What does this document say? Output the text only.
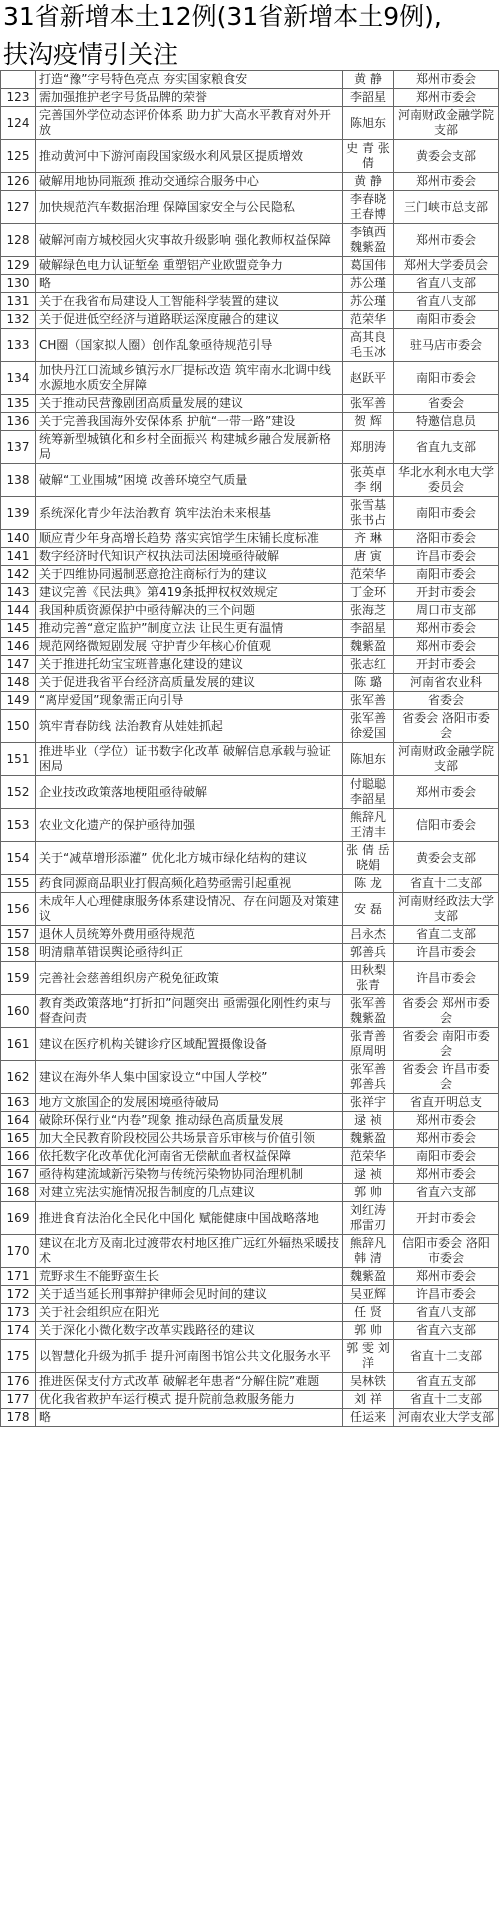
31省新增本土12例(31省新增本土9例),
扶沟疫情引关注
	打造“豫”字号特色亮点 夯实国家粮食安	黄 静	郑州市委会
123	需加强推护老字号货品牌的荣誉	李韶星	郑州市委会
124	完善国外学位动态评价体系 助力扩大高水平教育对外开放	陈旭东	河南财政金融学院支部
125	推动黄河中下游河南段国家级水利风景区提质增效	史 青 张 倩	黄委会支部
126	破解用地协同瓶颈 推动交通综合服务中心	黄 静	郑州市委会
127	加快规范汽车数据治理 保障国家安全与公民隐私	李春晓 王春博	三门峡市总支部
128	破解河南方城校园火灾事故升级影响 强化教师权益保障	李镇西 魏紫盈	郑州市委会
129	破解绿色电力认证堑垒 重塑铝产业欧盟竞争力	葛国伟	郑州大学委员会
130	略	苏公瑾	省直八支部
131	关于在我省布局建设人工智能科学装置的建议	苏公瑾	省直八支部
132	关于促进低空经济与道路联运深度融合的建议	范荣华	南阳市委会
133	CH圈（国家拟人圈）创作乱象亟待规范引导	高其良 毛玉冰	驻马店市委会
134	加快丹江口流域乡镇污水厂提标改造 筑牢南水北调中线水源地水质安全屏障	赵跃平	南阳市委会
135	关于推动民营豫剧团高质量发展的建议	张军善	省委会
136	关于完善我国海外安保体系 护航“一带一路”建设	贺 辉	特邀信息员
137	统筹新型城镇化和乡村全面振兴 构建城乡融合发展新格局	郑朋涛	省直九支部
138	破解“工业围城”困境 改善环境空气质量	张英卓 李 纲	华北水利水电大学委员会
139	系统深化青少年法治教育 筑牢法治未来根基	张雪基 张书占	南阳市委会
140	顺应青少年身高增长趋势 落实宾馆学生床铺长度标准	齐 琳	洛阳市委会
141	数字经济时代知识产权执法司法困境亟待破解	唐 寅	许昌市委会
142	关于四维协同遏制恶意抢注商标行为的建议	范荣华	南阳市委会
143	建议完善《民法典》第419条抵押权权效规定	丁金环	开封市委会
144	我国种质资源保护中亟待解决的三个问题	张海芝	周口市支部
145	推动完善“意定监护”制度立法 让民生更有温情	李韶星	郑州市委会
146	规范网络微短剧发展 守护青少年核心价值观	魏紫盈	郑州市委会
147	关于推进托幼宝宝班普惠化建设的建议	张志红	开封市委会
148	关于促进我省平台经济高质量发展的建议	陈 璐	河南省农业科
149	“离岸爱国”现象需正向引导	张军善	省委会
150	筑牢青春防线 法治教育从娃娃抓起	张军善 徐爱国	省委会 洛阳市委会
151	推进毕业（学位）证书数字化改革 破解信息承载与验证困局	陈旭东	河南财政金融学院支部
152	企业技改政策落地梗阻亟待破解	付聪聪 李韶星	郑州市委会
153	农业文化遗产的保护亟待加强	熊辞凡 王清丰	信阳市委会
154	关于“减草增形添灌” 优化北方城市绿化结构的建议	张 倩 岳晓娟	黄委会支部
155	药食同源商品职业打假高频化趋势亟需引起重视	陈 龙	省直十二支部
156	未成年人心理健康服务体系建设情况、存在问题及对策建议	安 磊	河南财经政法大学支部
157	退休人员统筹外费用亟待规范	吕永杰	省直二支部
158	明清鼎革错误舆论亟待纠正	郭善兵	许昌市委会
159	完善社会慈善组织房产税免征政策	田秋梨 张青	许昌市委会
160	教育类政策落地“打折扣”问题突出 亟需强化刚性约束与督查问责	张军善 魏紫盈	省委会 郑州市委会
161	建议在医疗机构关键诊疗区域配置摄像设备	张青善 原周明	省委会 南阳市委会
162	建议在海外华人集中国家设立“中国人学校”	张军善 郭善兵	省委会 许昌市委会
163	地方文旅国企的发展困境亟待破局	张祥宇	省直开明总支
164	破除环保行业“内卷”现象 推动绿色高质量发展	逯 祯	郑州市委会
165	加大全民教育阶段校园公共场景音乐审核与价值引领	魏紫盈	郑州市委会
166	依托数字化改革优化河南省无偿献血者权益保障	范荣华	南阳市委会
167	亟待构建流域新污染物与传统污染物协同治理机制	逯 祯	郑州市委会
168	对建立宪法实施情况报告制度的几点建议	郭 帅	省直六支部
169	推进食育法治化全民化中国化 赋能健康中国战略落地	刘红涛 邢雷刃	开封市委会
170	建议在北方及南北过渡带农村地区推广远红外辐热采暖技术	熊辞凡 韩 清	信阳市委会 洛阳市委会
171	荒野求生不能野蛮生长	魏紫盈	郑州市委会
172	关于适当延长刑事辩护律师会见时间的建议	吴亚辉	许昌市委会
173	关于社会组织应在阳光	任 贤	省直八支部
174	关于深化小微化数字改革实践路径的建议	郭 帅	省直六支部
175	以智慧化升级为抓手 提升河南图书馆公共文化服务水平	郭 雯 刘 洋	省直十二支部
176	推进医保支付方式改革 破解老年患者“分解住院”难题	吴林铁	省直五支部
177	优化我省救护车运行模式 提升院前急救服务能力	刘 祥	省直十二支部
178	略	任运来	河南农业大学支部
